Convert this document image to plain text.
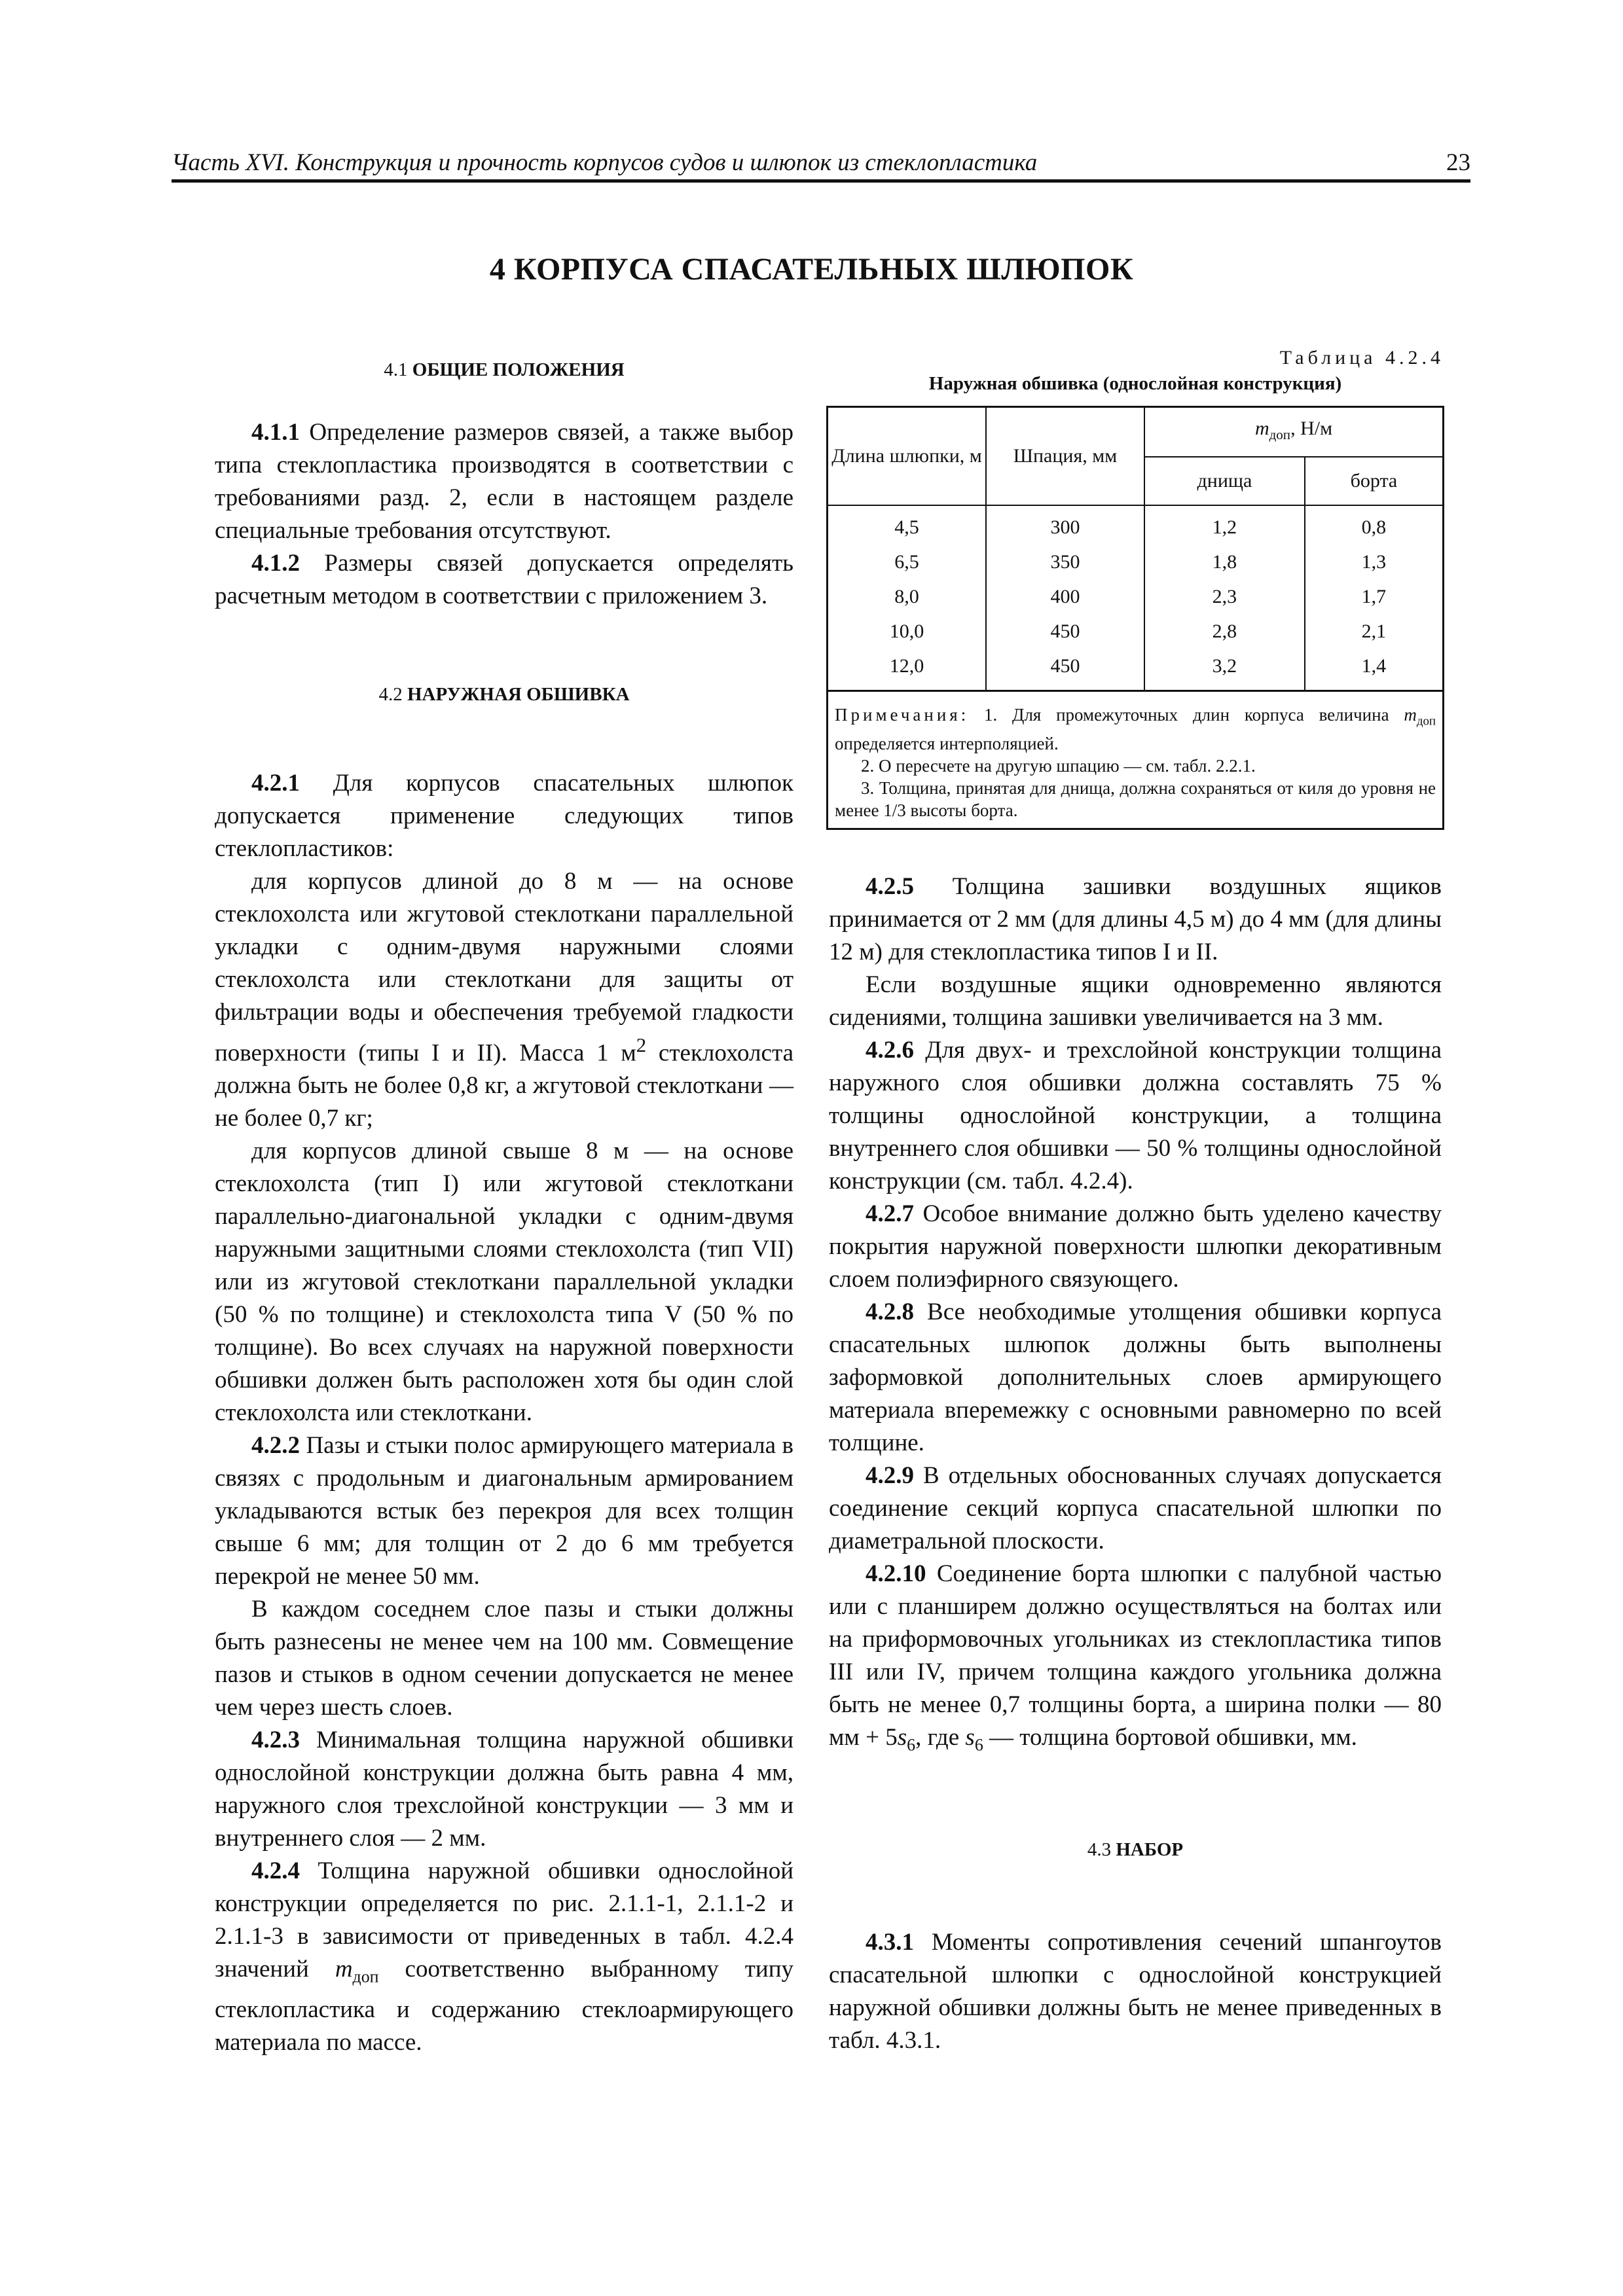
Часть XVI. Конструкция и прочность корпусов судов и шлюпок из стеклопластика	23
4 КОРПУСА СПАСАТЕЛЬНЫХ ШЛЮПОК
4.1 ОБЩИЕ ПОЛОЖЕНИЯ

4.1.1 Определение размеров связей, а также выбор типа стеклопластика производятся в соответствии с требованиями разд. 2, если в настоящем разделе специальные требования отсутствуют.

4.1.2 Размеры связей допускается определять расчетным методом в соответствии с приложением 3.

4.2 НАРУЖНАЯ ОБШИВКА

4.2.1 Для корпусов спасательных шлюпок допускается применение следующих типов стеклопластиков:

для корпусов длиной до 8 м — на основе стеклохолста или жгутовой стеклоткани параллельной укладки с одним-двумя наружными слоями стеклохолста или стеклоткани для защиты от фильтрации воды и обеспечения требуемой гладкости поверхности (типы I и II). Масса 1 $м^2$ стеклохолста должна быть не более 0,8 кг, а жгутовой стеклоткани — не более 0,7 кг;

для корпусов длиной свыше 8 м — на основе стеклохолста (тип I) или жгутовой стеклоткани параллельно-диагональной укладки с одним-двумя наружными защитными слоями стеклохолста (тип VII) или из жгутовой стеклоткани параллельной укладки (50 % по толщине) и стеклохолста типа V (50 % по толщине). Во всех случаях на наружной поверхности обшивки должен быть расположен хотя бы один слой стеклохолста или стеклоткани.

4.2.2 Пазы и стыки полос армирующего материала в связях с продольным и диагональным армированием укладываются встык без перекроя для всех толщин свыше 6 мм; для толщин от 2 до 6 мм требуется перекрой не менее 50 мм.

В каждом соседнем слое пазы и стыки должны быть разнесены не менее чем на 100 мм. Совмещение пазов и стыков в одном сечении допускается не менее чем через шесть слоев.

4.2.3 Минимальная толщина наружной обшивки однослойной конструкции должна быть равна 4 мм, наружного слоя трехслойной конструкции — 3 мм и внутреннего слоя — 2 мм.

4.2.4 Толщина наружной обшивки однослойной конструкции определяется по рис. 2.1.1-1, 2.1.1-2 и 2.1.1-3 в зависимости от приведенных в табл. 4.2.4 значений $m_{доп}$ соответственно выбранному типу стеклопластика и содержанию стеклоармирующего материала по массе.

Таблица 4.2.4
Наружная обшивка (однослойная конструкция)
Длина шлюпки, м	Шпация, мм	$m_{доп}$, Н/м	
		днища	борта
4,5	300	1,2	0,8
6,5	350	1,8	1,3
8,0	400	2,3	1,7
10,0	450	2,8	2,1
12,0	450	3,2	1,4

Примечания: 1. Для промежуточных длин корпуса величина $m_{доп}$ определяется интерполяцией.
2. О пересчете на другую шпацию — см. табл. 2.2.1.
3. Толщина, принятая для днища, должна сохраняться от киля до уровня не менее 1/3 высоты борта.			

4.2.5 Толщина зашивки воздушных ящиков принимается от 2 мм (для длины 4,5 м) до 4 мм (для длины 12 м) для стеклопластика типов I и II.

Если воздушные ящики одновременно являются сидениями, толщина зашивки увеличивается на 3 мм.

4.2.6 Для двух- и трехслойной конструкции толщина наружного слоя обшивки должна составлять 75 % толщины однослойной конструкции, а толщина внутреннего слоя обшивки — 50 % толщины однослойной конструкции (см. табл. 4.2.4).

4.2.7 Особое внимание должно быть уделено качеству покрытия наружной поверхности шлюпки декоративным слоем полиэфирного связующего.

4.2.8 Все необходимые утолщения обшивки корпуса спасательных шлюпок должны быть выполнены заформовкой дополнительных слоев армирующего материала вперемежку с основными равномерно по всей толщине.

4.2.9 В отдельных обоснованных случаях допускается соединение секций корпуса спасательной шлюпки по диаметральной плоскости.

4.2.10 Соединение борта шлюпки с палубной частью или с планширем должно осуществляться на болтах или на приформовочных угольниках из стеклопластика типов III или IV, причем толщина каждого угольника должна быть не менее 0,7 толщины борта, а ширина полки — 80 мм + $5s_6$, где $s_6$ — толщина бортовой обшивки, мм.

4.3 НАБОР

4.3.1 Моменты сопротивления сечений шпангоутов спасательной шлюпки с однослойной конструкцией наружной обшивки должны быть не менее приведенных в табл. 4.3.1.
